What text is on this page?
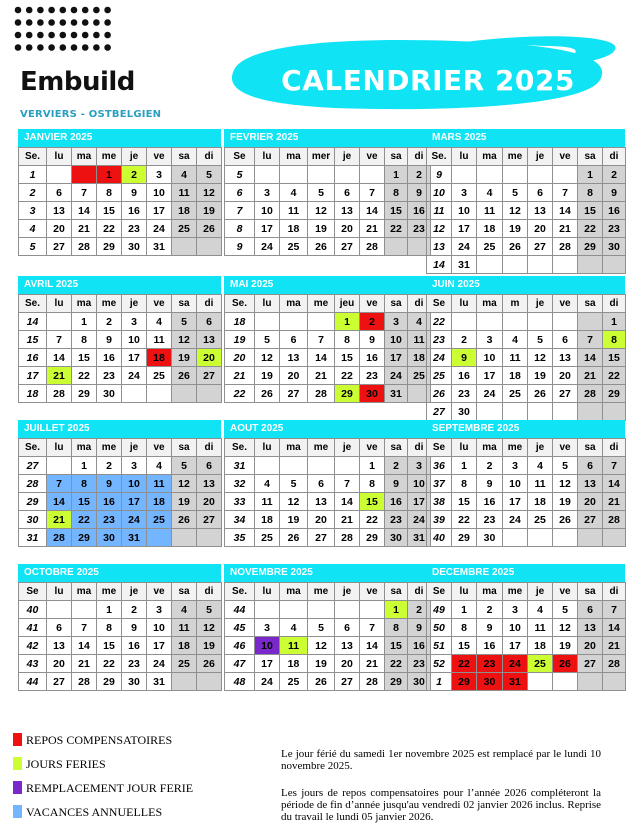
Embuild
VERVIERS - OSTBELGIEN
CALENDRIER 2025
JANVIER 2025
Se.	lu	ma	me	je	ve	sa	di
1			1	2	3	4	5
2	6	7	8	9	10	11	12
3	13	14	15	16	17	18	19
4	20	21	22	23	24	25	26
5	27	28	29	30	31		
FEVRIER 2025
Se	lu	ma	mer	je	ve	sa	di
5						1	2
6	3	4	5	6	7	8	9
7	10	11	12	13	14	15	16
8	17	18	19	20	21	22	23
9	24	25	26	27	28		
MARS 2025
Se.	lu	ma	me	je	ve	sa	di
9						1	2
10	3	4	5	6	7	8	9
11	10	11	12	13	14	15	16
12	17	18	19	20	21	22	23
13	24	25	26	27	28	29	30
14	31						
AVRIL 2025
Se.	lu	ma	me	je	ve	sa	di
14		1	2	3	4	5	6
15	7	8	9	10	11	12	13
16	14	15	16	17	18	19	20
17	21	22	23	24	25	26	27
18	28	29	30				
MAI 2025
Se.	lu	ma	me	jeu	ve	sa	di
18				1	2	3	4
19	5	6	7	8	9	10	11
20	12	13	14	15	16	17	18
21	19	20	21	22	23	24	25
22	26	27	28	29	30	31	
JUIN 2025
Se	lu	ma	m	je	ve	sa	di
22							1
23	2	3	4	5	6	7	8
24	9	10	11	12	13	14	15
25	16	17	18	19	20	21	22
26	23	24	25	26	27	28	29
27	30						
JUILLET 2025
Se.	lu	ma	me	je	ve	sa	di
27		1	2	3	4	5	6
28	7	8	9	10	11	12	13
29	14	15	16	17	18	19	20
30	21	22	23	24	25	26	27
31	28	29	30	31			
AOUT 2025
Se.	lu	ma	me	je	ve	sa	di
31					1	2	3
32	4	5	6	7	8	9	10
33	11	12	13	14	15	16	17
34	18	19	20	21	22	23	24
35	25	26	27	28	29	30	31
SEPTEMBRE 2025
Se	lu	ma	me	je	ve	sa	di
36	1	2	3	4	5	6	7
37	8	9	10	11	12	13	14
38	15	16	17	18	19	20	21
39	22	23	24	25	26	27	28
40	29	30					
OCTOBRE 2025
Se	lu	ma	me	je	ve	sa	di
40			1	2	3	4	5
41	6	7	8	9	10	11	12
42	13	14	15	16	17	18	19
43	20	21	22	23	24	25	26
44	27	28	29	30	31		
NOVEMBRE 2025
Se.	lu	ma	me	je	ve	sa	di
44						1	2
45	3	4	5	6	7	8	9
46	10	11	12	13	14	15	16
47	17	18	19	20	21	22	23
48	24	25	26	27	28	29	30
DECEMBRE 2025
Se	lu	ma	me	je	ve	sa	di
49	1	2	3	4	5	6	7
50	8	9	10	11	12	13	14
51	15	16	17	18	19	20	21
52	22	23	24	25	26	27	28
1	29	30	31				
REPOS COMPENSATOIRES
JOURS FERIES
REMPLACEMENT JOUR FERIE
VACANCES ANNUELLES

Le jour férié du samedi 1er novembre 2025 est remplacé par le lundi 10 novembre 2025.

Les jours de repos compensatoires pour l’année 2026 compléteront la période de fin d’année jusqu'au vendredi 02 janvier 2026 inclus. Reprise du travail le lundi 05 janvier 2026.
